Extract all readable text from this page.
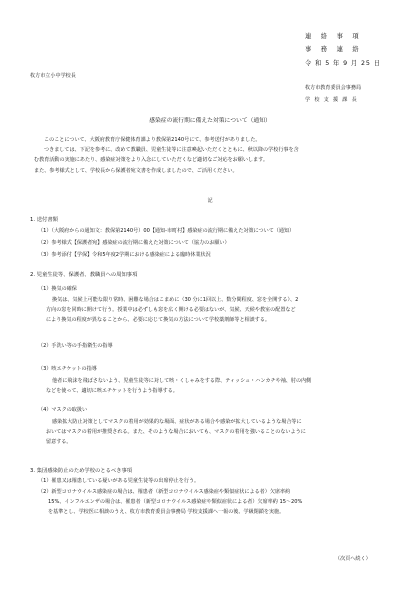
連　絡　事　項
事　務　連　絡
令 和 5 年 9 月 25 日
枚方市立小中学校長
枚方市教育委員会事務局
学 校 支 援 課 長
感染症の流行期に備えた対策について（通知）
このことについて、大阪府教育庁保健体育課より教保第2140号にて、参考送付がありました。
つきましては、下記を参考に、改めて教職員、児童生徒等に注意喚起いただくとともに、秋以降の学校行事を含
む教育活動の実施にあたり、感染症対策をより入念にしていただくなど適切なご対応をお願いします。
また、参考様式として、学校長から保護者宛文書を作成しましたので、ご活用ください。
記
1. 送付書類
（1）（大阪府からの通知文：教保第2140号）00【通知-市町村】感染症の流行期に備えた対策について（通知）
（2）参考様式【保護者宛】感染症の流行期に備えた対策について（協力のお願い）
（3）参考添付【学保】令和5年度2学期における感染症による臨時休業状況
2. 児童生徒等、保護者、教職員への周知事項
（1）換気の確保
換気は、気候上可能な限り常時、困難な場合はこまめに（30 分に1回以上、数分間程度、窓を全開する）、2
方向の窓を同時に開けて行う。授業中は必ずしも窓を広く開ける必要はないが、気候、天候や教室の配置など
により換気の程度が異なることから、必要に応じて換気の方法について学校薬剤師等と相談する。
（2）手洗い等の手指衛生の指導
（3）咳エチケットの指導
他者に飛沫を飛ばさないよう、児童生徒等に対して咳・くしゃみをする際、ティッシュ・ハンカチや袖、肘の内側
などを使って、適切に咳エチケットを行うよう指導する。
（4）マスクの取扱い
感染拡大防止対策としてマスクの着用が効果的な場面、症状がある場合や感染が拡大しているような場合等に
おいてはマスクの着用が推奨される。また、そのような場合においても、マスクの着用を強いることのないように
留意する。
3. 集団感染防止のため学校のとるべき事項
（1）罹患又は罹患している疑いがある児童生徒等の出席停止を行う。
（2）新型コロナウイルス感染症の場合は、罹患者（新型コロナウイルス感染症や類似症状による者）欠席率約
15%、インフルエンザの場合は、罹患者（新型コロナウイルス感染症や類似症状による者）欠席率約 15～20%
を基準とし、学校医に相談のうえ、枚方市教育委員会事務局 学校支援課へ一報の後、学級閉鎖を実施。
（次頁へ続く）
